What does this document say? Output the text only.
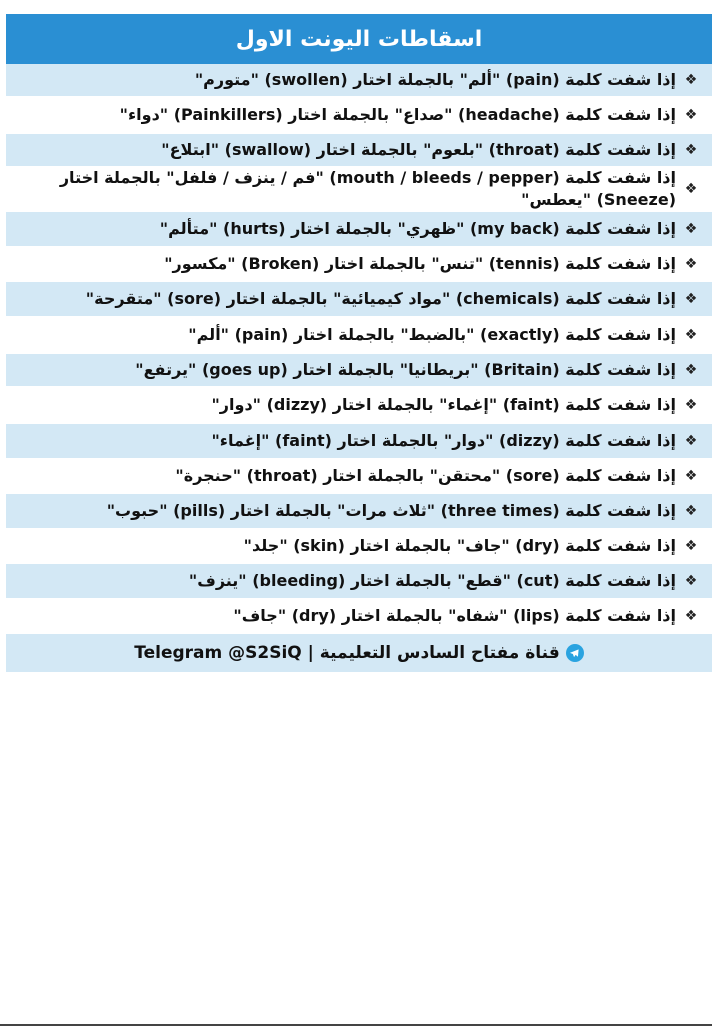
اسقاطات اليونت الاول
❖
إذا شفت كلمة (pain) "ألم" بالجملة اختار (swollen) "متورم"
❖
إذا شفت كلمة (headache) "صداع" بالجملة اختار (Painkillers) "دواء"
❖
إذا شفت كلمة (throat) "بلعوم" بالجملة اختار (swallow) "ابتلاع"
❖
إذا شفت كلمة (mouth / bleeds / pepper) "فم / ينزف / فلفل" بالجملة اختار (Sneeze) "يعطس"
❖
إذا شفت كلمة (my back) "ظهري" بالجملة اختار (hurts) "متألم"
❖
إذا شفت كلمة (tennis) "تنس" بالجملة اختار (Broken) "مكسور"
❖
إذا شفت كلمة (chemicals) "مواد كيميائية" بالجملة اختار (sore) "متقرحة"
❖
إذا شفت كلمة (exactly) "بالضبط" بالجملة اختار (pain) "ألم"
❖
إذا شفت كلمة (Britain) "بريطانيا" بالجملة اختار (goes up) "يرتفع"
❖
إذا شفت كلمة (faint) "إغماء" بالجملة اختار (dizzy) "دوار"
❖
إذا شفت كلمة (dizzy) "دوار" بالجملة اختار (faint) "إغماء"
❖
إذا شفت كلمة (sore) "محتقن" بالجملة اختار (throat) "حنجرة"
❖
إذا شفت كلمة (three times) "ثلاث مرات" بالجملة اختار (pills) "حبوب"
❖
إذا شفت كلمة (dry) "جاف" بالجملة اختار (skin) "جلد"
❖
إذا شفت كلمة (cut) "قطع" بالجملة اختار (bleeding) "ينزف"
❖
إذا شفت كلمة (lips) "شفاه" بالجملة اختار (dry) "جاف"
قناة مفتاح السادس التعليمية | Telegram @S2SiQ
